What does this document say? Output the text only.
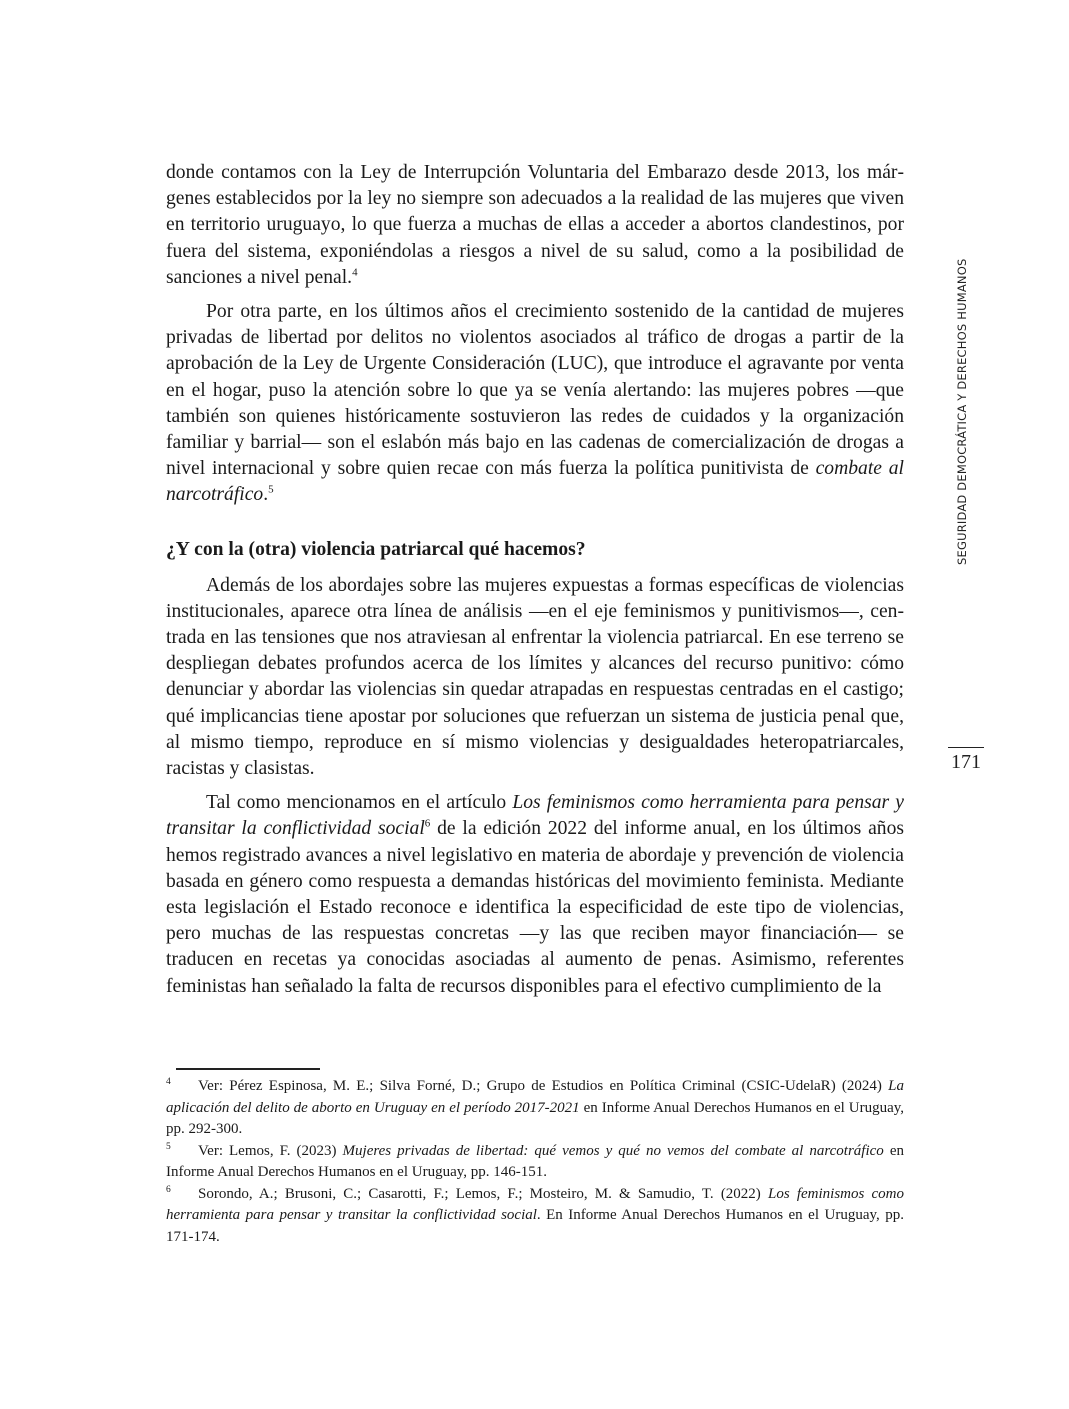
donde contamos con la Ley de Interrupción Voluntaria del Embarazo desde 2013, los márgenes establecidos por la ley no siempre son adecuados a la realidad de las mujeres que viven en territorio uruguayo, lo que fuerza a muchas de ellas a acceder a abortos clandestinos, por fuera del sistema, exponiéndolas a riesgos a nivel de su salud, como a la posibilidad de sanciones a nivel penal.$^4$

Por otra parte, en los últimos años el crecimiento sostenido de la cantidad de mujeres privadas de libertad por delitos no violentos asociados al tráfico de drogas a partir de la aprobación de la Ley de Urgente Consideración (LUC), que introduce el agravante por venta en el hogar, puso la atención sobre lo que ya se venía alertando: las mujeres pobres —que también son quienes históricamente sostuvieron las redes de cuidados y la organización familiar y barrial— son el eslabón más bajo en las cadenas de comercialización de drogas a nivel internacional y sobre quien recae con más fuerza la política punitivista de combate al narcotráfico.$^5$

¿Y con la (otra) violencia patriarcal qué hacemos?

Además de los abordajes sobre las mujeres expuestas a formas específicas de violencias institucionales, aparece otra línea de análisis —en el eje feminismos y punitivismos—, centrada en las tensiones que nos atraviesan al enfrentar la violencia patriarcal. En ese terreno se despliegan debates profundos acerca de los límites y alcances del recurso punitivo: cómo denunciar y abordar las violencias sin quedar atrapadas en respuestas centradas en el castigo; qué implicancias tiene apostar por soluciones que refuerzan un sistema de justicia penal que, al mismo tiempo, reproduce en sí mismo violencias y desigualdades heteropatriarcales, racistas y clasistas.

Tal como mencionamos en el artículo Los feminismos como herramienta para pensar y transitar la conflictividad social$^6$ de la edición 2022 del informe anual, en los últimos años hemos registrado avances a nivel legislativo en materia de abordaje y prevención de violencia basada en género como respuesta a demandas históricas del movimiento feminista. Mediante esta legislación el Estado reconoce e identifica la especificidad de este tipo de violencias, pero muchas de las respuestas concretas —y las que reciben mayor financiación— se traducen en recetas ya conocidas asociadas al aumento de penas. Asimismo, referentes feministas han señalado la falta de recursos disponibles para el efectivo cumplimiento de la

SEGURIDAD DEMOCRÁTICA Y DERECHOS HUMANOS
171

4 Ver: Pérez Espinosa, M. E.; Silva Forné, D.; Grupo de Estudios en Política Criminal (CSIC-UdelaR) (2024) La aplicación del delito de aborto en Uruguay en el período 2017-2021 en Informe Anual Derechos Humanos en el Uruguay, pp. 292-300.

5 Ver: Lemos, F. (2023) Mujeres privadas de libertad: qué vemos y qué no vemos del combate al narcotráfico en Informe Anual Derechos Humanos en el Uruguay, pp. 146-151.

6 Sorondo, A.; Brusoni, C.; Casarotti, F.; Lemos, F.; Mosteiro, M. & Samudio, T. (2022) Los feminismos como herramienta para pensar y transitar la conflictividad social. En Informe Anual Derechos Humanos en el Uruguay, pp. 171-174.
